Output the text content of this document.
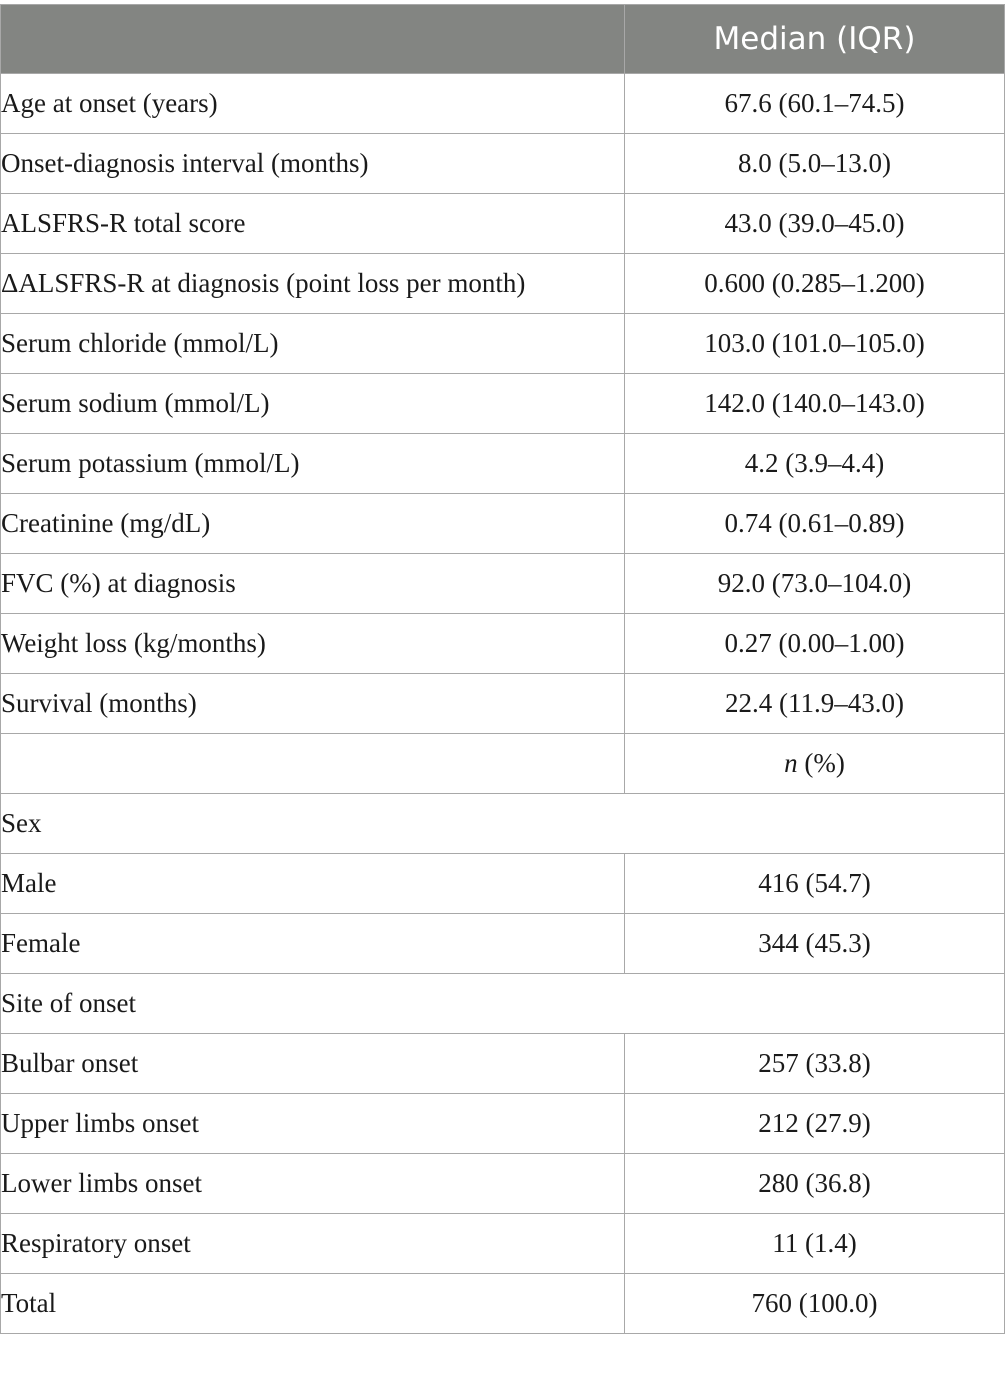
	Median (IQR)
Age at onset (years)	67.6 (60.1–74.5)
Onset-diagnosis interval (months)	8.0 (5.0–13.0)
ALSFRS-R total score	43.0 (39.0–45.0)
ΔALSFRS-R at diagnosis (point loss per month)	0.600 (0.285–1.200)
Serum chloride (mmol/L)	103.0 (101.0–105.0)
Serum sodium (mmol/L)	142.0 (140.0–143.0)
Serum potassium (mmol/L)	4.2 (3.9–4.4)
Creatinine (mg/dL)	0.74 (0.61–0.89)
FVC (%) at diagnosis	92.0 (73.0–104.0)
Weight loss (kg/months)	0.27 (0.00–1.00)
Survival (months)	22.4 (11.9–43.0)
	n (%)
Sex	
Male	416 (54.7)
Female	344 (45.3)
Site of onset	
Bulbar onset	257 (33.8)
Upper limbs onset	212 (27.9)
Lower limbs onset	280 (36.8)
Respiratory onset	11 (1.4)
Total	760 (100.0)
